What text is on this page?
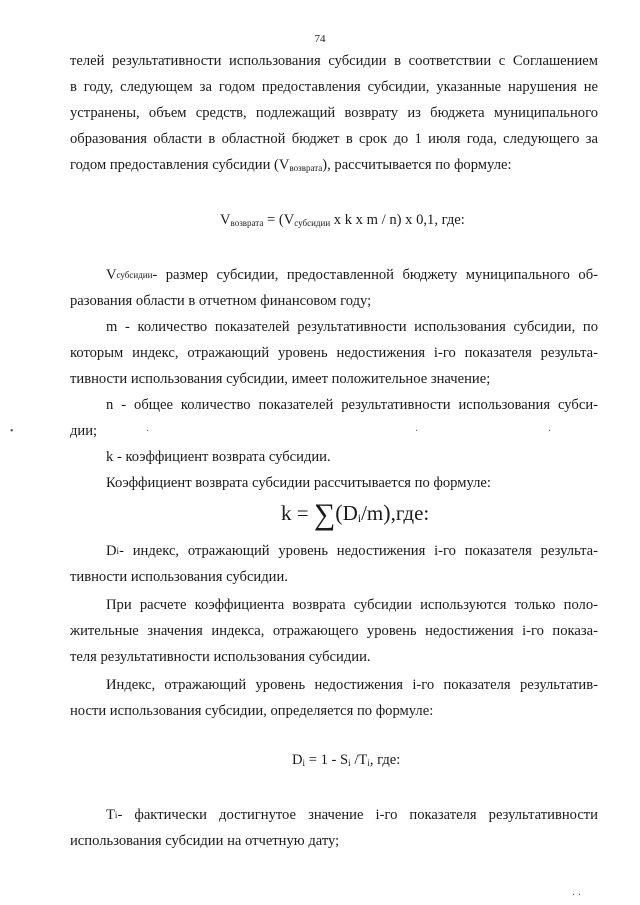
74
телей результативности использования субсидии в соответствии с Соглашением
в году, следующем за годом предоставления субсидии, указанные нарушения не
устранены, объем средств, подлежащий возврату из бюджета муниципального
образования области в областной бюджет в срок до 1 июля года, следующего за
годом предоставления субсидии $(V_{возврата})$, рассчитывается по формуле:
$V_{возврата} = (V_{субсидии}$ x k x m / n) x 0,1, где:
$V_{субсидии}$ - размер субсидии, предоставленной бюджету муниципального об-
разования области в отчетном финансовом году;
m - количество показателей результативности использования субсидии, по
которым индекс, отражающий уровень недостижения i-го показателя результа-
тивности использования субсидии, имеет положительное значение;
n - общее количество показателей результативности использования субси-
дии;
•	·	·	·
k - коэффициент возврата субсидии.
Коэффициент возврата субсидии рассчитывается по формуле:
$k = \sum(D_i/m),где$:
$D_i$ - индекс, отражающий уровень недостижения i-го показателя результа-
тивности использования субсидии.
При расчете коэффициента возврата субсидии используются только поло-
жительные значения индекса, отражающего уровень недостижения i-го показа-
теля результативности использования субсидии.
Индекс, отражающий уровень недостижения i-го показателя результатив-
ности использования субсидии, определяется по формуле:
$D_i = 1 - S_i$ $/T_i$, где:
$T_i$ - фактически достигнутое значение i-го показателя результативности
использования субсидии на отчетную дату;
· ·
